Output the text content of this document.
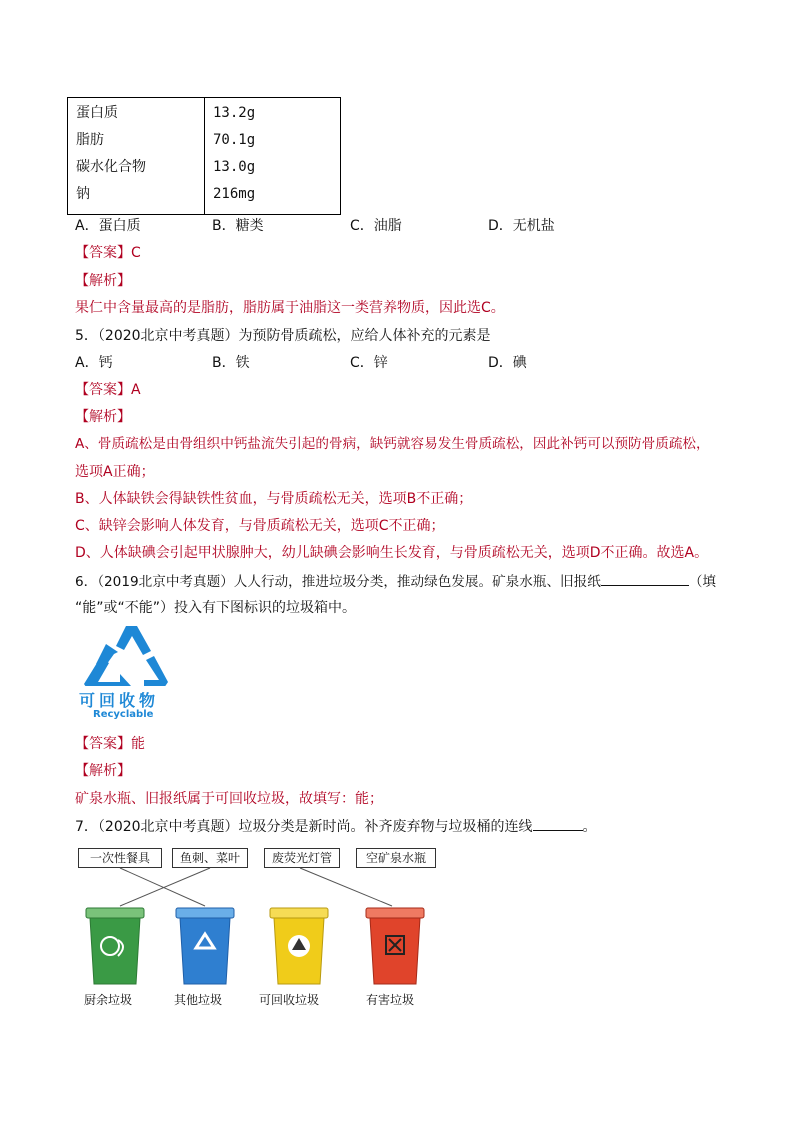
蛋白质	13.2g
脂肪	70.1g
碳水化合物	13.0g
钠	216mg
A．蛋白质	B．糖类	C．油脂	D．无机盐
【答案】C
【解析】
果仁中含量最高的是脂肪，脂肪属于油脂这一类营养物质，因此选C。
5．（2020北京中考真题）为预防骨质疏松，应给人体补充的元素是
A．钙	B．铁	C．锌	D．碘
【答案】A
【解析】
A、骨质疏松是由骨组织中钙盐流失引起的骨病，缺钙就容易发生骨质疏松，因此补钙可以预防骨质疏松，
选项A正确；
B、人体缺铁会得缺铁性贫血，与骨质疏松无关，选项B不正确；
C、缺锌会影响人体发育，与骨质疏松无关，选项C不正确；
D、人体缺碘会引起甲状腺肿大，幼儿缺碘会影响生长发育，与骨质疏松无关，选项D不正确。故选A。
6．（2019北京中考真题）人人行动，推进垃圾分类，推动绿色发展。矿泉水瓶、旧报纸	（填
“能”或“不能”）投入有下图标识的垃圾箱中。
可回收物
Recyclable
【答案】能
【解析】
矿泉水瓶、旧报纸属于可回收垃圾，故填写：能；
7．（2020北京中考真题）垃圾分类是新时尚。补齐废弃物与垃圾桶的连线	。
一次性餐具	鱼刺、菜叶	废荧光灯管	空矿泉水瓶
厨余垃圾	其他垃圾	可回收垃圾	有害垃圾
